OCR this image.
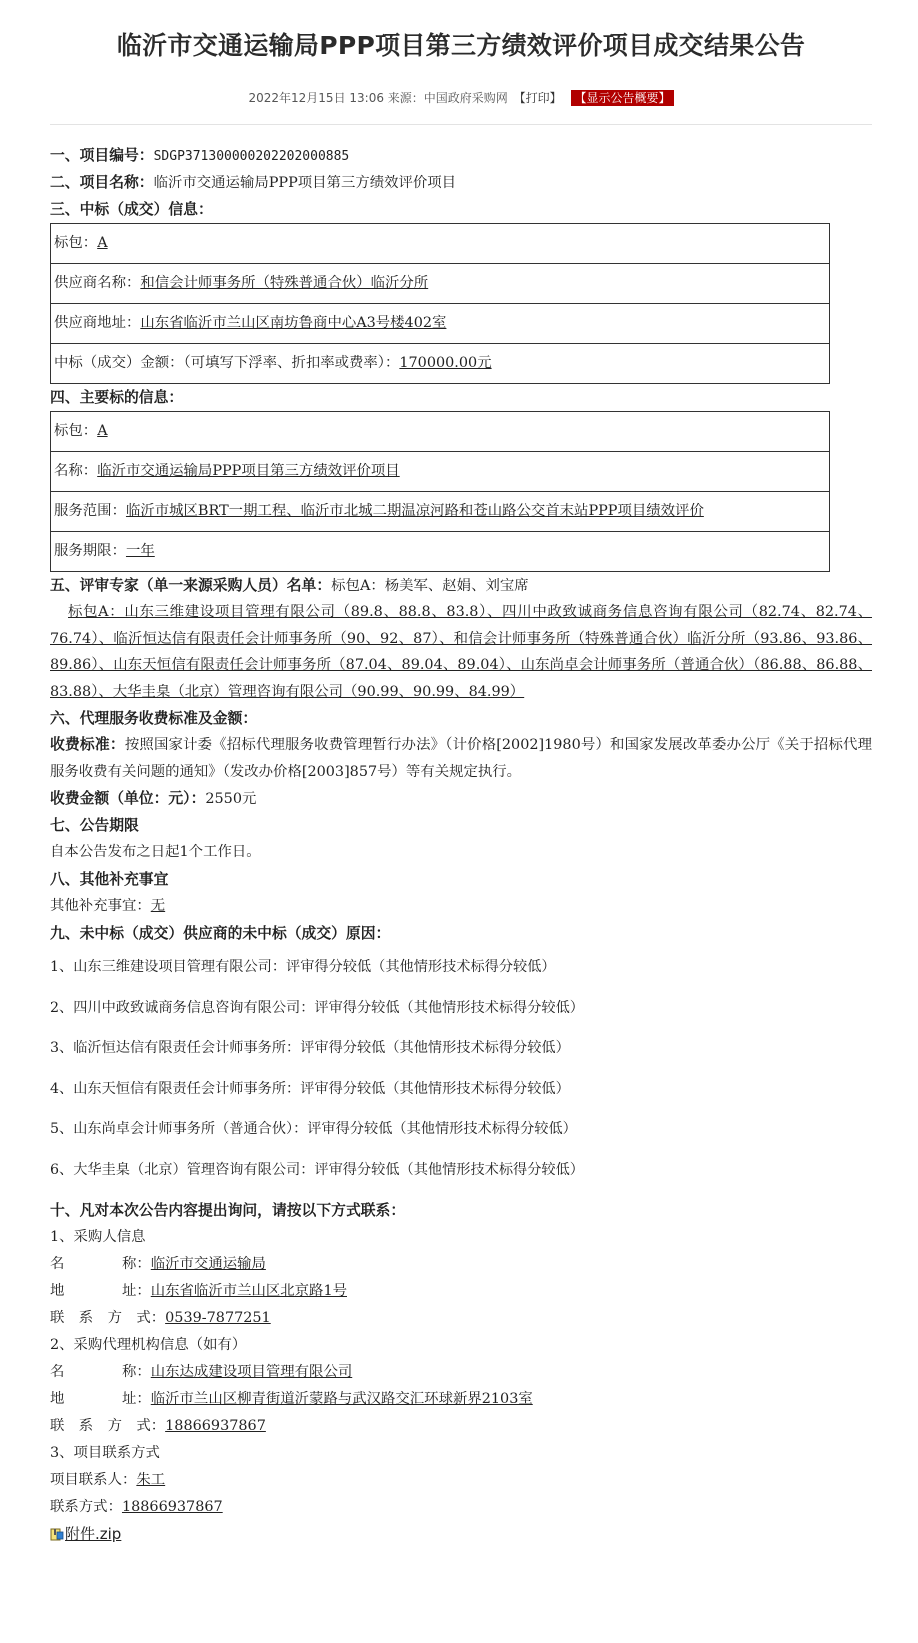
临沂市交通运输局PPP项目第三方绩效评价项目成交结果公告
2022年12月15日 13:06 来源：中国政府采购网 【打印】 【显示公告概要】
一、项目编号：SDGP371300000202202000885
二、项目名称：临沂市交通运输局PPP项目第三方绩效评价项目
三、中标（成交）信息：
标包：A
供应商名称：和信会计师事务所（特殊普通合伙）临沂分所
供应商地址：山东省临沂市兰山区南坊鲁商中心A3号楼402室
中标（成交）金额：（可填写下浮率、折扣率或费率）：170000.00元
四、主要标的信息：
标包：A
名称：临沂市交通运输局PPP项目第三方绩效评价项目
服务范围：临沂市城区BRT一期工程、临沂市北城二期温凉河路和苍山路公交首末站PPP项目绩效评价
服务期限：一年
五、评审专家（单一来源采购人员）名单：标包A：杨美军、赵娟、刘宝席
标包A：山东三维建设项目管理有限公司（89.8、88.8、83.8）、四川中政致诚商务信息咨询有限公司（82.74、82.74、76.74）、临沂恒达信有限责任会计师事务所（90、92、87）、和信会计师事务所（特殊普通合伙）临沂分所（93.86、93.86、89.86）、山东天恒信有限责任会计师事务所（87.04、89.04、89.04）、山东尚卓会计师事务所（普通合伙）（86.88、86.88、83.88）、大华圭臬（北京）管理咨询有限公司（90.99、90.99、84.99）
六、代理服务收费标准及金额：
收费标准：按照国家计委《招标代理服务收费管理暂行办法》（计价格[2002]1980号）和国家发展改革委办公厅《关于招标代理服务收费有关问题的通知》（发改办价格[2003]857号）等有关规定执行。
收费金额（单位：元）：2550元
七、公告期限
自本公告发布之日起1个工作日。
八、其他补充事宜
其他补充事宜：无
九、未中标（成交）供应商的未中标（成交）原因：
1、山东三维建设项目管理有限公司：评审得分较低（其他情形技术标得分较低）
2、四川中政致诚商务信息咨询有限公司：评审得分较低（其他情形技术标得分较低）
3、临沂恒达信有限责任会计师事务所：评审得分较低（其他情形技术标得分较低）
4、山东天恒信有限责任会计师事务所：评审得分较低（其他情形技术标得分较低）
5、山东尚卓会计师事务所（普通合伙）：评审得分较低（其他情形技术标得分较低）
6、大华圭臬（北京）管理咨询有限公司：评审得分较低（其他情形技术标得分较低）
十、凡对本次公告内容提出询问，请按以下方式联系：
1、采购人信息
名　　　　称：临沂市交通运输局
地　　　　址：山东省临沂市兰山区北京路1号
联　系　方　式：0539-7877251
2、采购代理机构信息（如有）
名　　　　称：山东达成建设项目管理有限公司
地　　　　址：临沂市兰山区柳青街道沂蒙路与武汉路交汇环球新界2103室
联　系　方　式：18866937867
3、项目联系方式
项目联系人：朱工
联系方式：18866937867
附件.zip
